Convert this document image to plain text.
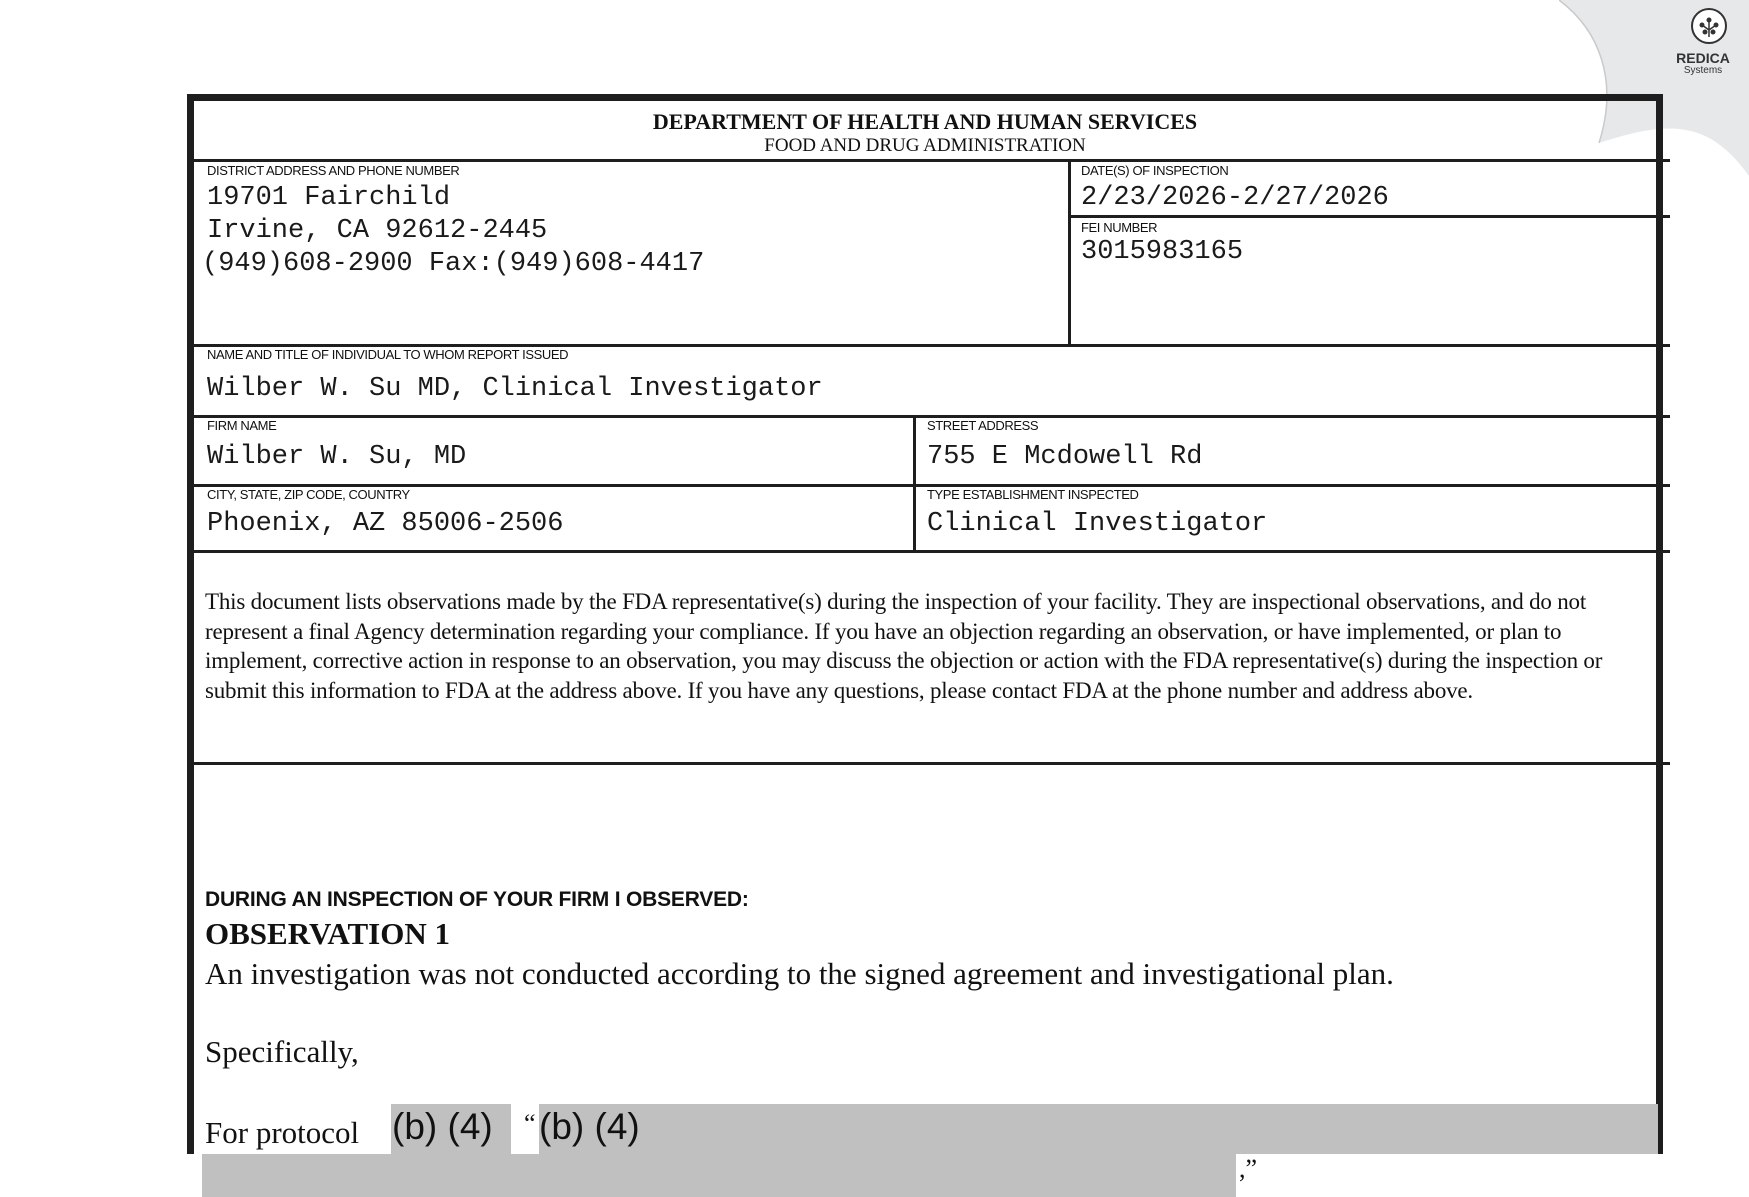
REDICA
Systems
DEPARTMENT OF HEALTH AND HUMAN SERVICES
FOOD AND DRUG ADMINISTRATION
DISTRICT ADDRESS AND PHONE NUMBER
19701 Fairchild
Irvine, CA 92612-2445
(949)608-2900 Fax:(949)608-4417
DATE(S) OF INSPECTION
2/23/2026-2/27/2026
FEI NUMBER
3015983165
NAME AND TITLE OF INDIVIDUAL TO WHOM REPORT ISSUED
Wilber W. Su MD, Clinical Investigator
FIRM NAME
Wilber W. Su, MD
STREET ADDRESS
755 E Mcdowell Rd
CITY, STATE, ZIP CODE, COUNTRY
Phoenix, AZ 85006-2506
TYPE ESTABLISHMENT INSPECTED
Clinical Investigator
This document lists observations made by the FDA representative(s) during the inspection of your facility. They are inspectional observations, and do not represent a final Agency determination regarding your compliance. If you have an objection regarding an observation, or have implemented, or plan to implement, corrective action in response to an observation, you may discuss the objection or action with the FDA representative(s) during the inspection or submit this information to FDA at the address above. If you have any questions, please contact FDA at the phone number and address above.
DURING AN INSPECTION OF YOUR FIRM I OBSERVED:
OBSERVATION 1
An investigation was not conducted according to the signed agreement and investigational plan.
Specifically,
For protocol (b) (4) “ (b) (4)
,”
